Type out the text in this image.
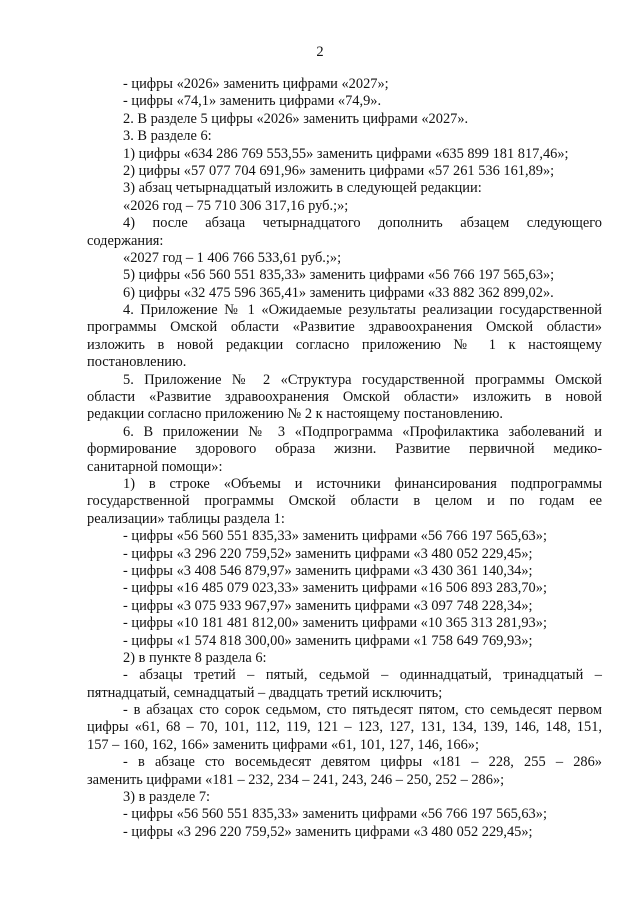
2
- цифры «2026» заменить цифрами «2027»;
- цифры «74,1» заменить цифрами «74,9».
2. В разделе 5 цифры «2026» заменить цифрами «2027».
3. В разделе 6:
1) цифры «634 286 769 553,55» заменить цифрами «635 899 181 817,46»;
2) цифры «57 077 704 691,96» заменить цифрами «57 261 536 161,89»;
3) абзац четырнадцатый изложить в следующей редакции:
«2026 год – 75 710 306 317,16 руб.;»;
4) после абзаца четырнадцатого дополнить абзацем следующего
содержания:
«2027 год – 1 406 766 533,61 руб.;»;
5) цифры «56 560 551 835,33» заменить цифрами «56 766 197 565,63»;
6) цифры «32 475 596 365,41» заменить цифрами «33 882 362 899,02».
4. Приложение № 1 «Ожидаемые результаты реализации государственной
программы Омской области «Развитие здравоохранения Омской области»
изложить в новой редакции согласно приложению № 1 к настоящему
постановлению.
5. Приложение № 2 «Структура государственной программы Омской
области «Развитие здравоохранения Омской области» изложить в новой
редакции согласно приложению № 2 к настоящему постановлению.
6. В приложении № 3 «Подпрограмма «Профилактика заболеваний и
формирование здорового образа жизни. Развитие первичной медико-
санитарной помощи»:
1) в строке «Объемы и источники финансирования подпрограммы
государственной программы Омской области в целом и по годам ее
реализации» таблицы раздела 1:
- цифры «56 560 551 835,33» заменить цифрами «56 766 197 565,63»;
- цифры «3 296 220 759,52» заменить цифрами «3 480 052 229,45»;
- цифры «3 408 546 879,97» заменить цифрами «3 430 361 140,34»;
- цифры «16 485 079 023,33» заменить цифрами «16 506 893 283,70»;
- цифры «3 075 933 967,97» заменить цифрами «3 097 748 228,34»;
- цифры «10 181 481 812,00» заменить цифрами «10 365 313 281,93»;
- цифры «1 574 818 300,00» заменить цифрами «1 758 649 769,93»;
2) в пункте 8 раздела 6:
- абзацы третий – пятый, седьмой – одиннадцатый, тринадцатый –
пятнадцатый, семнадцатый – двадцать третий исключить;
- в абзацах сто сорок седьмом, сто пятьдесят пятом, сто семьдесят первом
цифры «61, 68 – 70, 101, 112, 119, 121 – 123, 127, 131, 134, 139, 146, 148, 151,
157 – 160, 162, 166» заменить цифрами «61, 101, 127, 146, 166»;
- в абзаце сто восемьдесят девятом цифры «181 – 228, 255 – 286»
заменить цифрами «181 – 232, 234 – 241, 243, 246 – 250, 252 – 286»;
3) в разделе 7:
- цифры «56 560 551 835,33» заменить цифрами «56 766 197 565,63»;
- цифры «3 296 220 759,52» заменить цифрами «3 480 052 229,45»;
